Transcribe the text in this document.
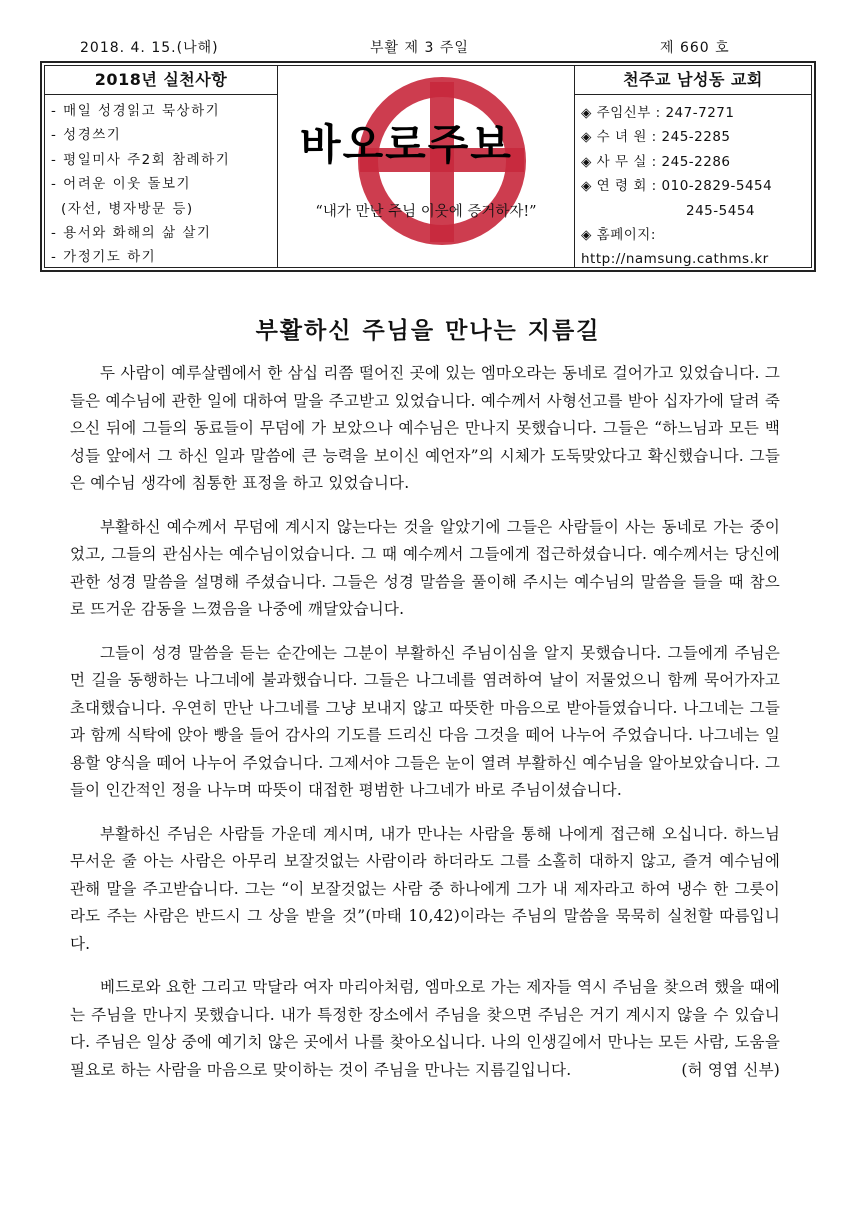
2018. 4. 15.(나해)	부활 제 3 주일	제 660 호
2018년 실천사항
- 매일 성경읽고 묵상하기
- 성경쓰기
- 평일미사 주2회 참례하기
- 어려운 이웃 돌보기
(자선, 병자방문 등)
- 용서와 화해의 삶 살기
- 가정기도 하기
바오로주보
“내가 만난 주님 이웃에 증거하자!”
천주교 남성동 교회
◈ 주임신부 : 247-7271
◈ 수 녀 원 : 245-2285
◈ 사 무 실 : 245-2286
◈ 연 령 회 : 010-2829-5454
245-5454
◈ 홈페이지:
http://namsung.cathms.kr
부활하신 주님을 만나는 지름길

두 사람이 예루살렘에서 한 삼십 리쯤 떨어진 곳에 있는 엠마오라는 동네로 걸어가고 있었습니다. 그들은 예수님에 관한 일에 대하여 말을 주고받고 있었습니다. 예수께서 사형선고를 받아 십자가에 달려 죽으신 뒤에 그들의 동료들이 무덤에 가 보았으나 예수님은 만나지 못했습니다. 그들은 “하느님과 모든 백성들 앞에서 그 하신 일과 말씀에 큰 능력을 보이신 예언자”의 시체가 도둑맞았다고 확신했습니다. 그들은 예수님 생각에 침통한 표정을 하고 있었습니다.

부활하신 예수께서 무덤에 계시지 않는다는 것을 알았기에 그들은 사람들이 사는 동네로 가는 중이었고, 그들의 관심사는 예수님이었습니다. 그 때 예수께서 그들에게 접근하셨습니다. 예수께서는 당신에 관한 성경 말씀을 설명해 주셨습니다. 그들은 성경 말씀을 풀이해 주시는 예수님의 말씀을 들을 때 참으로 뜨거운 감동을 느꼈음을 나중에 깨달았습니다.

그들이 성경 말씀을 듣는 순간에는 그분이 부활하신 주님이심을 알지 못했습니다. 그들에게 주님은 먼 길을 동행하는 나그네에 불과했습니다. 그들은 나그네를 염려하여 날이 저물었으니 함께 묵어가자고 초대했습니다. 우연히 만난 나그네를 그냥 보내지 않고 따뜻한 마음으로 받아들였습니다. 나그네는 그들과 함께 식탁에 앉아 빵을 들어 감사의 기도를 드리신 다음 그것을 떼어 나누어 주었습니다. 나그네는 일용할 양식을 떼어 나누어 주었습니다. 그제서야 그들은 눈이 열려 부활하신 예수님을 알아보았습니다. 그들이 인간적인 정을 나누며 따뜻이 대접한 평범한 나그네가 바로 주님이셨습니다.

부활하신 주님은 사람들 가운데 계시며, 내가 만나는 사람을 통해 나에게 접근해 오십니다. 하느님 무서운 줄 아는 사람은 아무리 보잘것없는 사람이라 하더라도 그를 소홀히 대하지 않고, 즐겨 예수님에 관해 말을 주고받습니다. 그는 “이 보잘것없는 사람 중 하나에게 그가 내 제자라고 하여 냉수 한 그릇이라도 주는 사람은 반드시 그 상을 받을 것”(마태 10,42)이라는 주님의 말씀을 묵묵히 실천할 따름입니다.

베드로와 요한 그리고 막달라 여자 마리아처럼, 엠마오로 가는 제자들 역시 주님을 찾으려 했을 때에는 주님을 만나지 못했습니다. 내가 특정한 장소에서 주님을 찾으면 주님은 거기 계시지 않을 수 있습니다. 주님은 일상 중에 예기치 않은 곳에서 나를 찾아오십니다. 나의 인생길에서 만나는 모든 사람, 도움을 필요로 하는 사람을 마음으로 맞이하는 것이 주님을 만나는 지름길입니다.	(허 영엽 신부)
